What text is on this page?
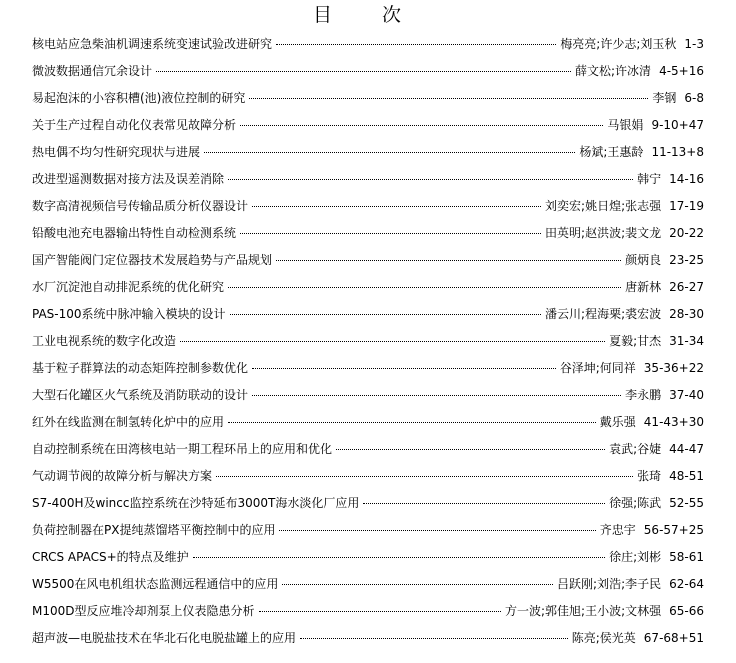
目 次
核电站应急柴油机调速系统变速试验改进研究	梅亮亮;许少志;刘玉秋 1-3
微波数据通信冗余设计	薛文松;许冰清 4-5+16
易起泡沫的小容积槽(池)液位控制的研究	李钢 6-8
关于生产过程自动化仪表常见故障分析	马银娟 9-10+47
热电偶不均匀性研究现状与进展	杨斌;王惠龄 11-13+8
改进型遥测数据对接方法及误差消除	韩宁 14-16
数字高清视频信号传输品质分析仪器设计	刘奕宏;姚日煌;张志强 17-19
铅酸电池充电器输出特性自动检测系统	田英明;赵洪波;裴文龙 20-22
国产智能阀门定位器技术发展趋势与产品规划	颜炳良 23-25
水厂沉淀池自动排泥系统的优化研究	唐新林 26-27
PAS-100系统中脉冲输入模块的设计	潘云川;程海栗;裘宏波 28-30
工业电视系统的数字化改造	夏毅;甘杰 31-34
基于粒子群算法的动态矩阵控制参数优化	谷泽坤;何同祥 35-36+22
大型石化罐区火气系统及消防联动的设计	李永鹏 37-40
红外在线监测在制氢转化炉中的应用	戴乐强 41-43+30
自动控制系统在田湾核电站一期工程环吊上的应用和优化	袁武;谷婕 44-47
气动调节阀的故障分析与解决方案	张琦 48-51
S7-400H及wincc监控系统在沙特延布3000T海水淡化厂应用	徐强;陈武 52-55
负荷控制器在PX提纯蒸馏塔平衡控制中的应用	齐忠宇 56-57+25
CRCS APACS+的特点及维护	徐庄;刘彬 58-61
W5500在风电机组状态监测远程通信中的应用	吕跃刚;刘浩;李子民 62-64
M100D型反应堆冷却剂泵上仪表隐患分析	方一波;郭佳旭;王小波;文林强 65-66
超声波—电脱盐技术在华北石化电脱盐罐上的应用	陈亮;侯光英 67-68+51
